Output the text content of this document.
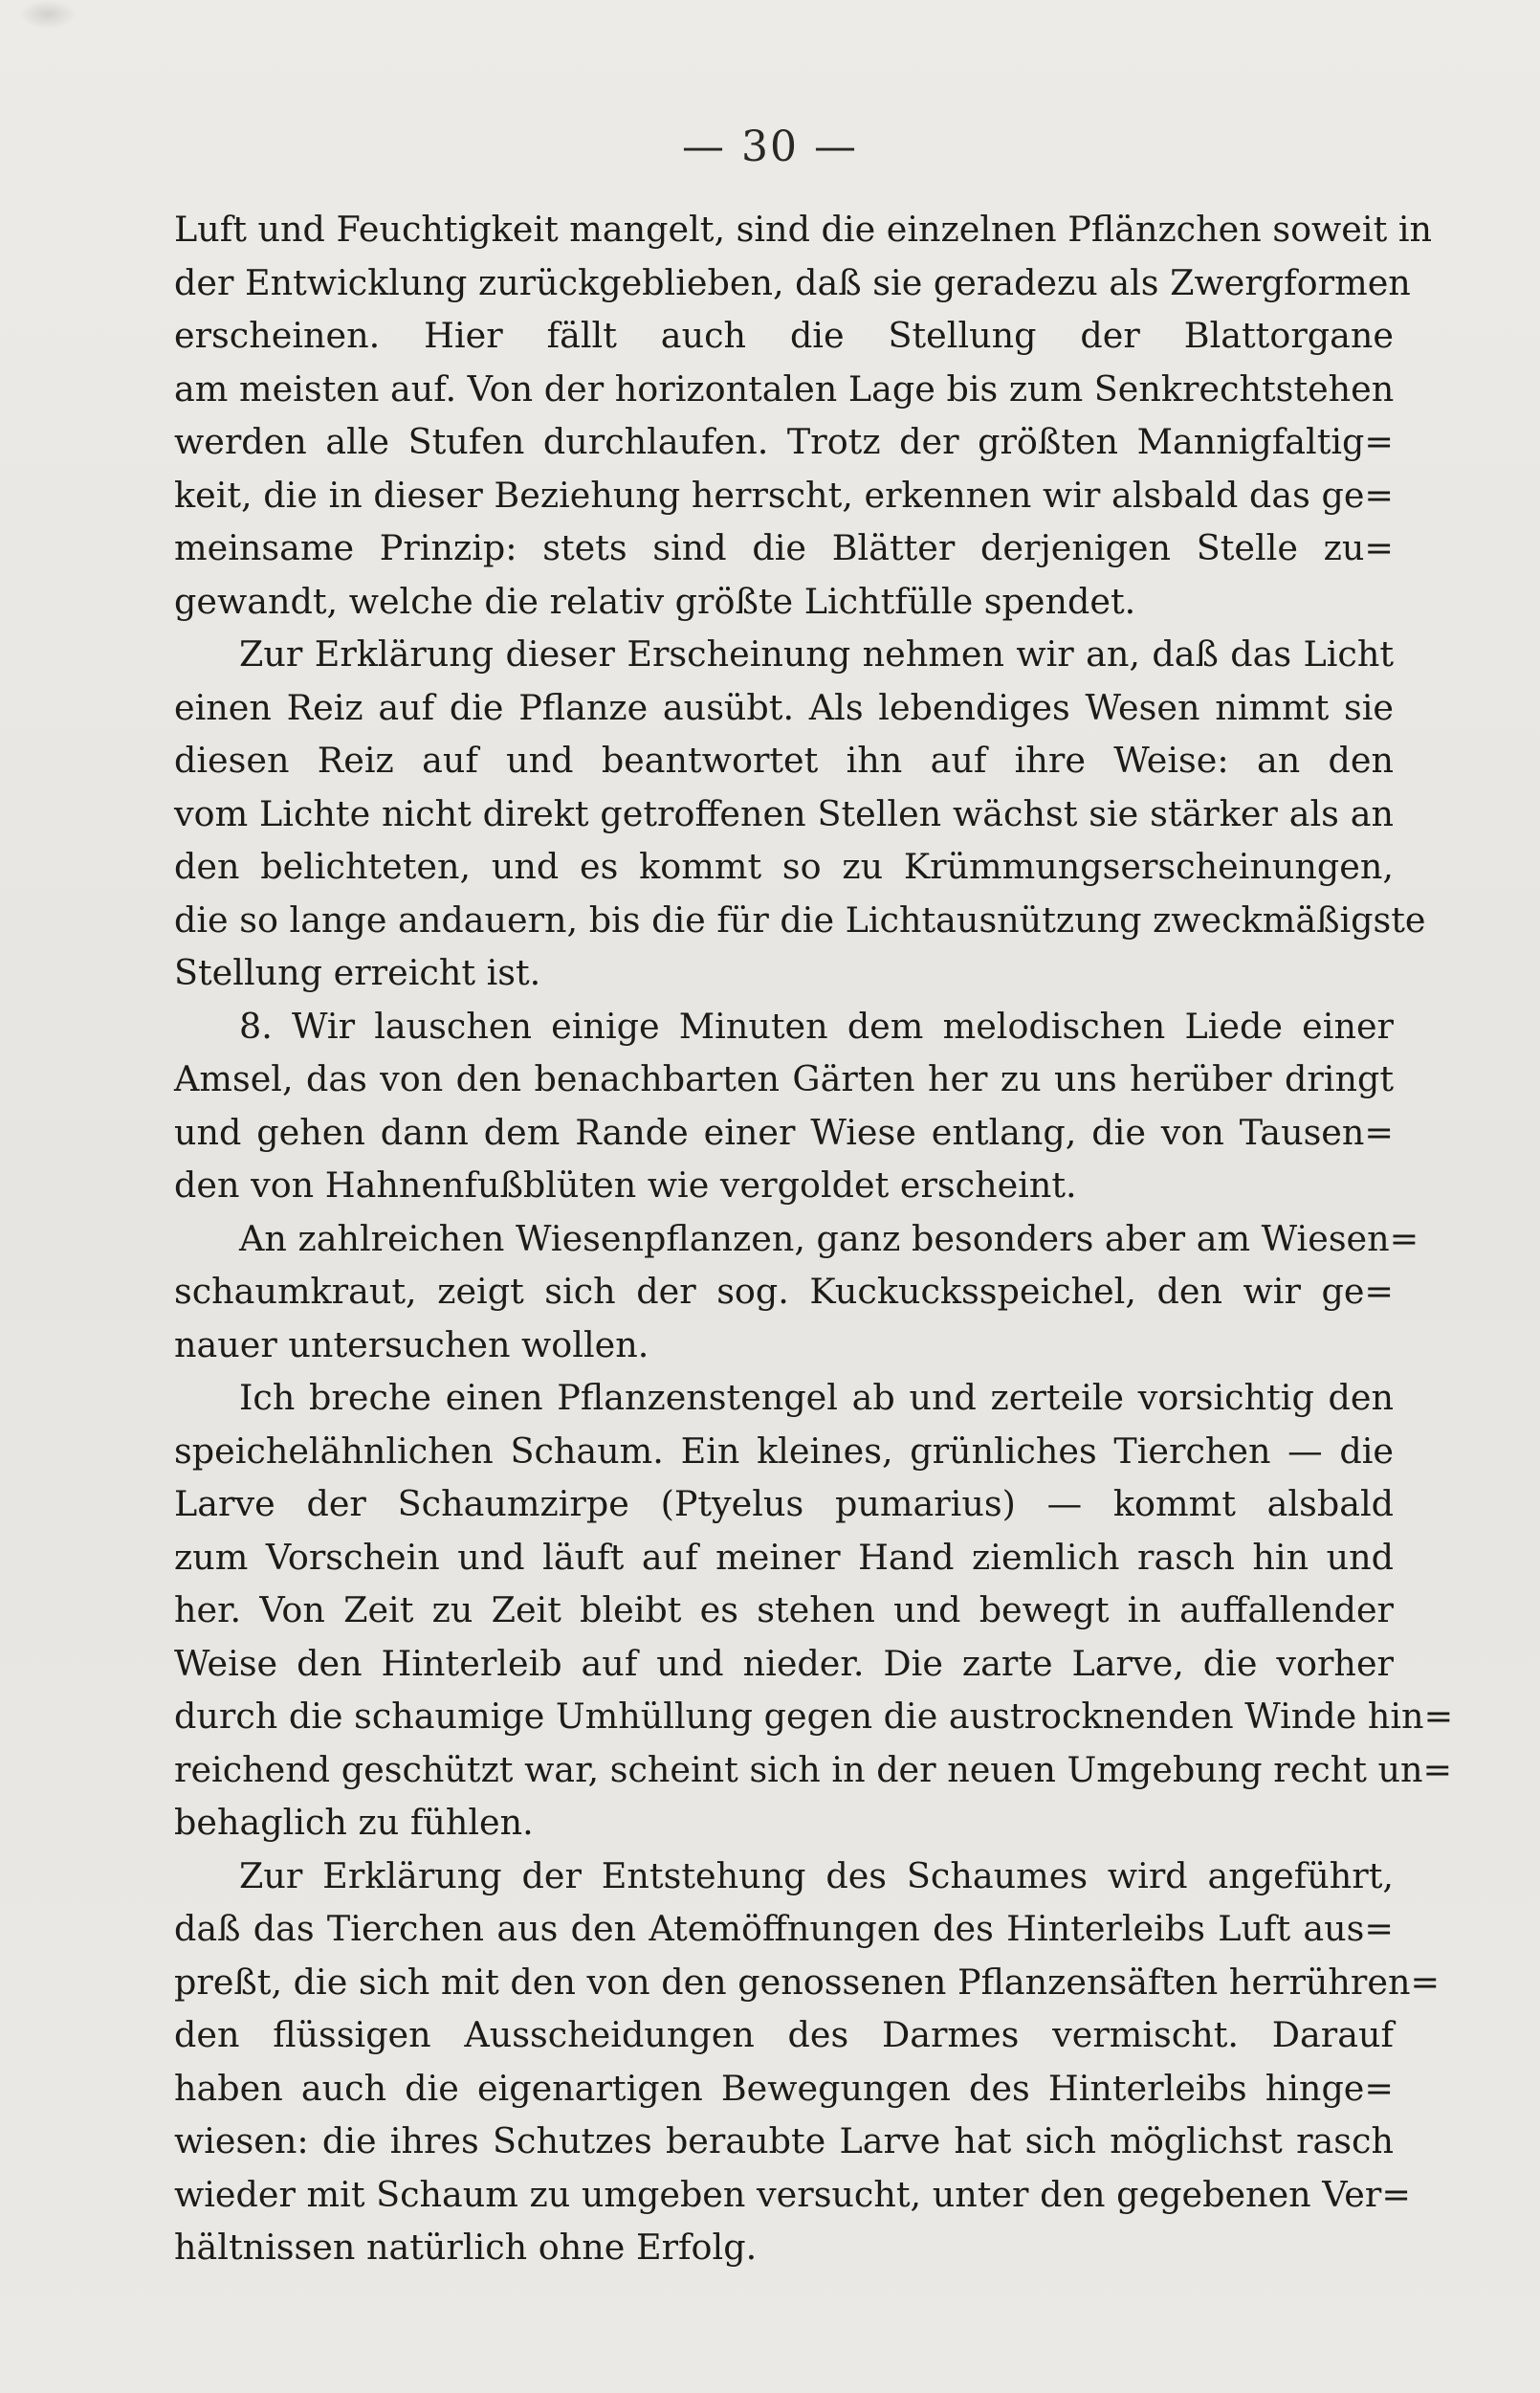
— 30 —
Luft und Feuchtigkeit mangelt, sind die einzelnen Pflänzchen soweit in
der Entwicklung zurückgeblieben, daß sie geradezu als Zwergformen
erscheinen. Hier fällt auch die Stellung der Blattorgane
am meisten auf. Von der horizontalen Lage bis zum Senkrechtstehen
werden alle Stufen durchlaufen. Trotz der größten Mannigfaltig=
keit, die in dieser Beziehung herrscht, erkennen wir alsbald das ge=
meinsame Prinzip: stets sind die Blätter derjenigen Stelle zu=
gewandt, welche die relativ größte Lichtfülle spendet.
Zur Erklärung dieser Erscheinung nehmen wir an, daß das Licht
einen Reiz auf die Pflanze ausübt. Als lebendiges Wesen nimmt sie
diesen Reiz auf und beantwortet ihn auf ihre Weise: an den
vom Lichte nicht direkt getroffenen Stellen wächst sie stärker als an
den belichteten, und es kommt so zu Krümmungserscheinungen,
die so lange andauern, bis die für die Lichtausnützung zweckmäßigste
Stellung erreicht ist.
8. Wir lauschen einige Minuten dem melodischen Liede einer
Amsel, das von den benachbarten Gärten her zu uns herüber dringt
und gehen dann dem Rande einer Wiese entlang, die von Tausen=
den von Hahnenfußblüten wie vergoldet erscheint.
An zahlreichen Wiesenpflanzen, ganz besonders aber am Wiesen=
schaumkraut, zeigt sich der sog. Kuckucksspeichel, den wir ge=
nauer untersuchen wollen.
Ich breche einen Pflanzenstengel ab und zerteile vorsichtig den
speichelähnlichen Schaum. Ein kleines, grünliches Tierchen — die
Larve der Schaumzirpe (Ptyelus pumarius) — kommt alsbald
zum Vorschein und läuft auf meiner Hand ziemlich rasch hin und
her. Von Zeit zu Zeit bleibt es stehen und bewegt in auffallender
Weise den Hinterleib auf und nieder. Die zarte Larve, die vorher
durch die schaumige Umhüllung gegen die austrocknenden Winde hin=
reichend geschützt war, scheint sich in der neuen Umgebung recht un=
behaglich zu fühlen.
Zur Erklärung der Entstehung des Schaumes wird angeführt,
daß das Tierchen aus den Atemöffnungen des Hinterleibs Luft aus=
preßt, die sich mit den von den genossenen Pflanzensäften herrühren=
den flüssigen Ausscheidungen des Darmes vermischt. Darauf
haben auch die eigenartigen Bewegungen des Hinterleibs hinge=
wiesen: die ihres Schutzes beraubte Larve hat sich möglichst rasch
wieder mit Schaum zu umgeben versucht, unter den gegebenen Ver=
hältnissen natürlich ohne Erfolg.
